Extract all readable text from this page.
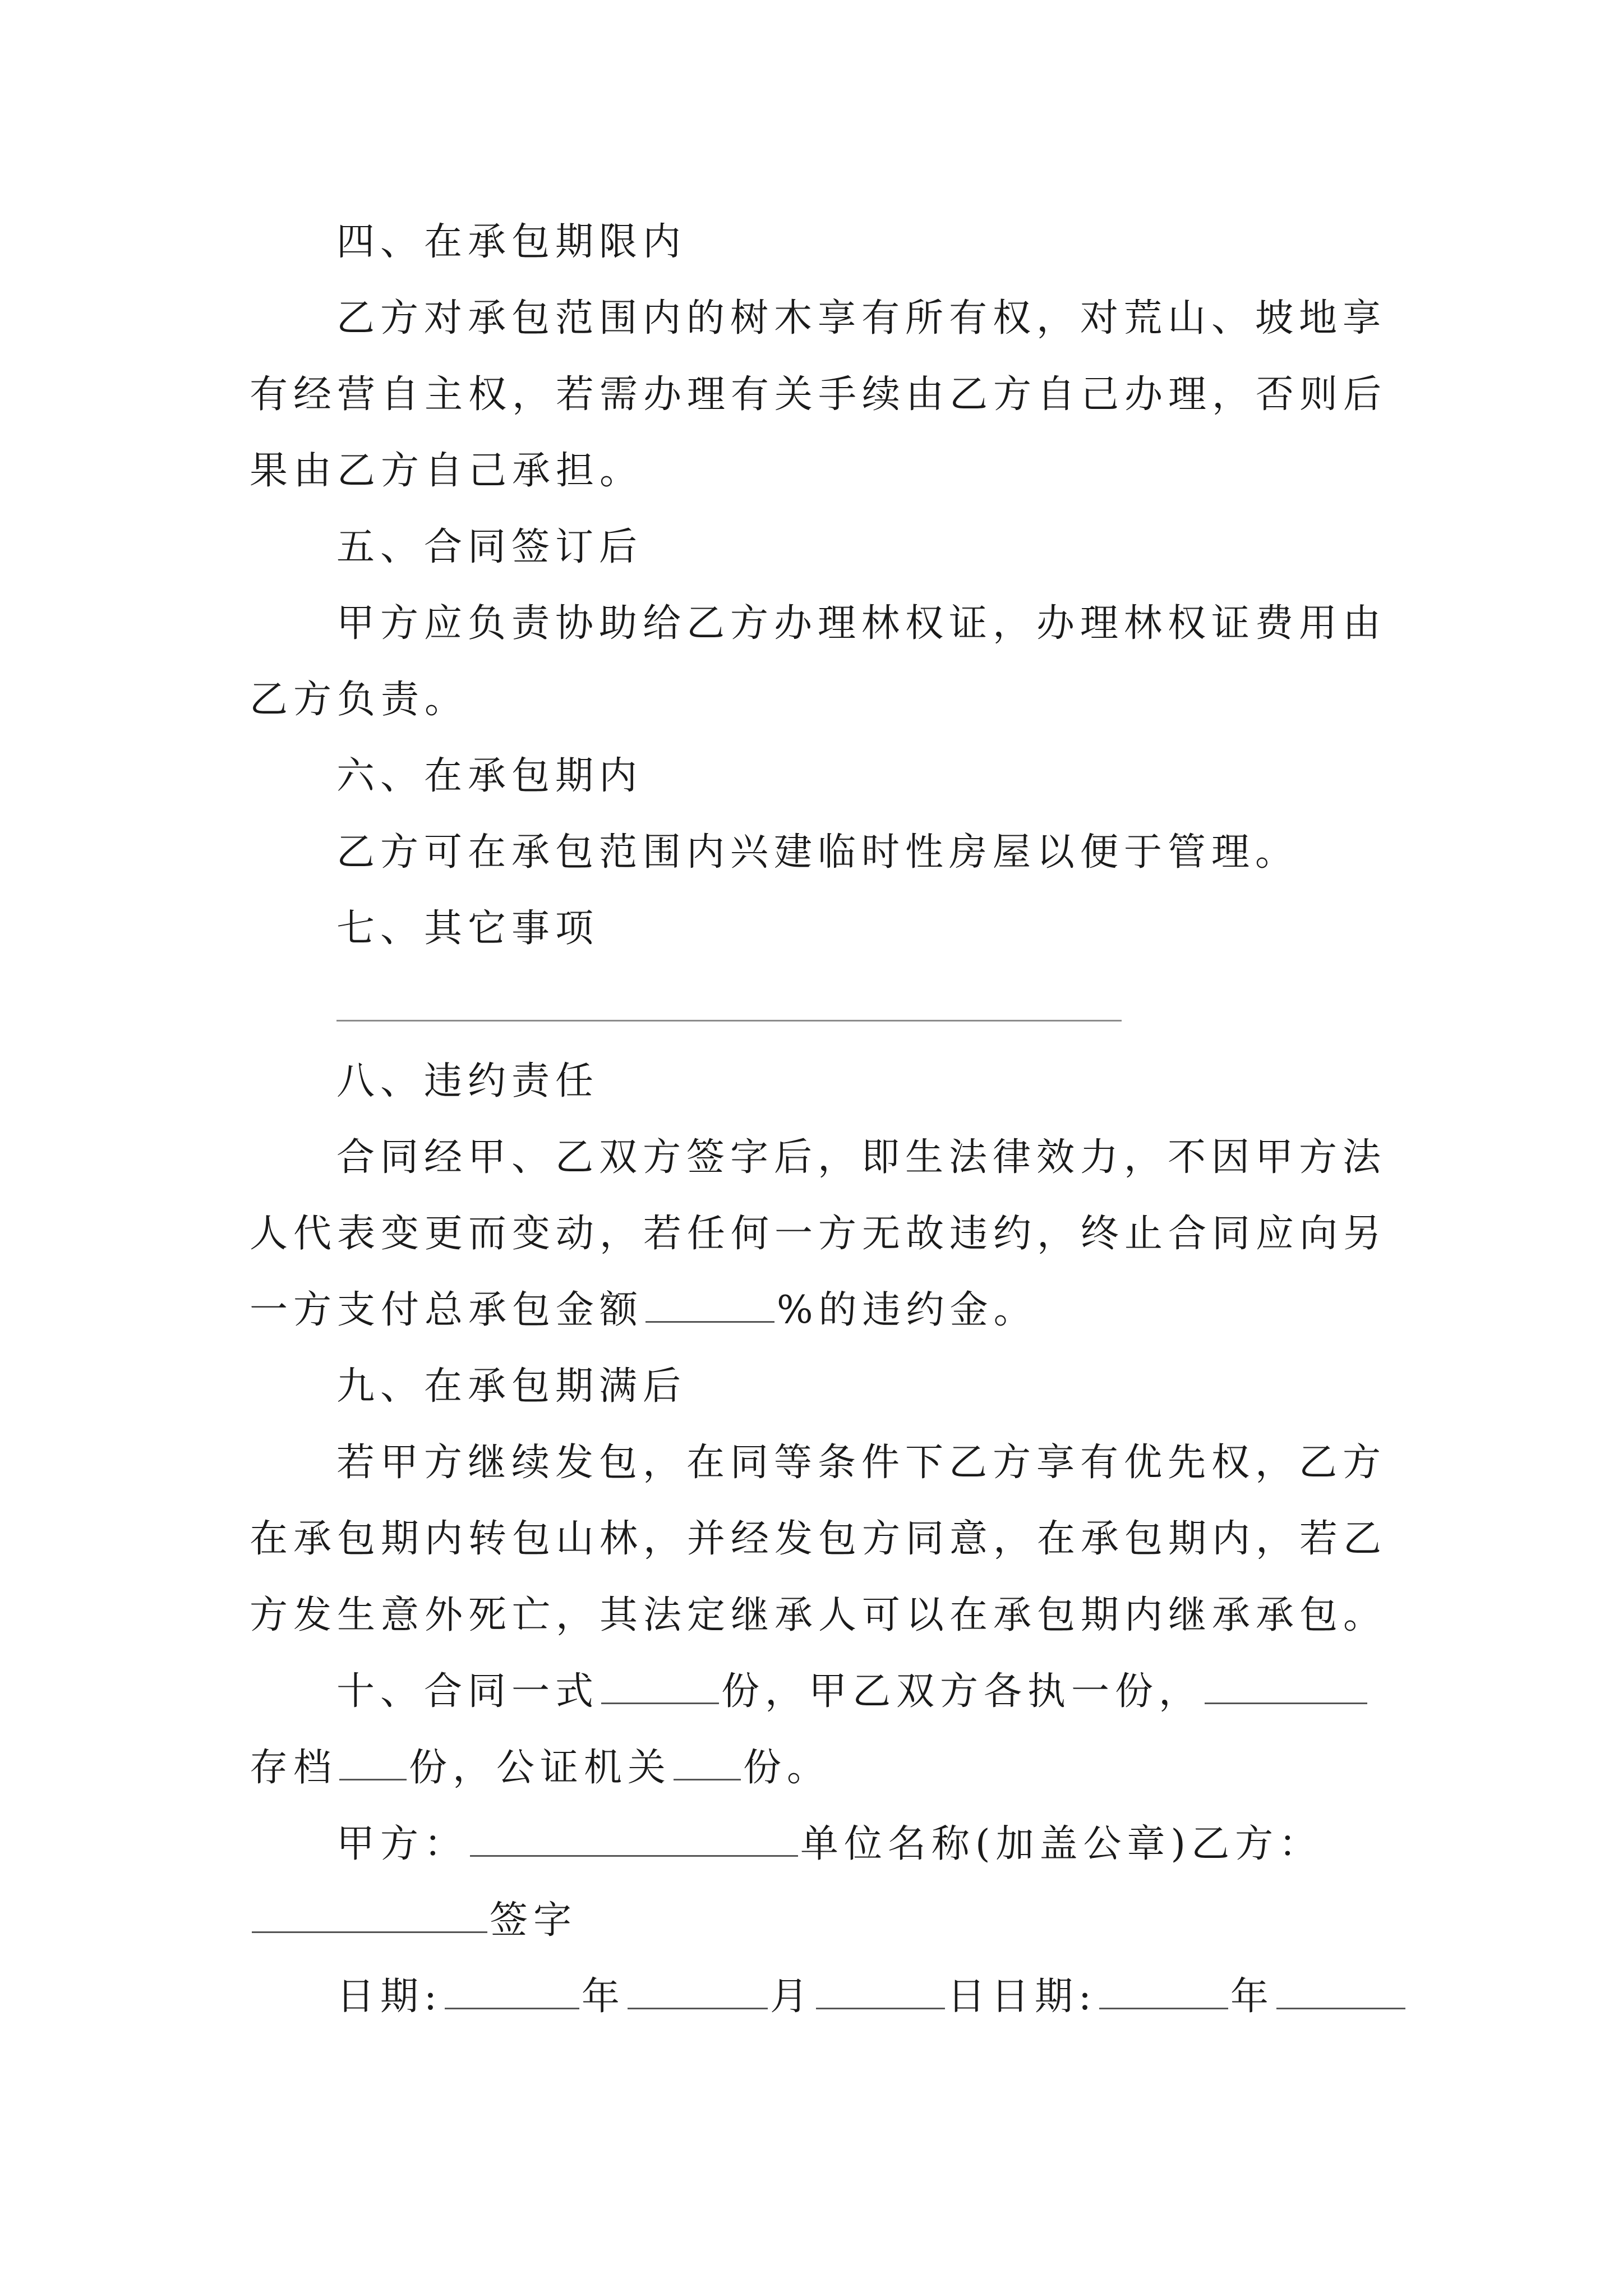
四、在承包期限内
乙方对承包范围内的树木享有所有权，对荒山、坡地享
有经营自主权，若需办理有关手续由乙方自己办理，否则后
果由乙方自己承担。
五、合同签订后
甲方应负责协助给乙方办理林权证，办理林权证费用由
乙方负责。
六、在承包期内
乙方可在承包范围内兴建临时性房屋以便于管理。
七、其它事项
八、违约责任
合同经甲、乙双方签字后，即生法律效力，不因甲方法
人代表变更而变动，若任何一方无故违约，终止合同应向另
一方支付总承包金额	%的违约金。
九、在承包期满后
若甲方继续发包，在同等条件下乙方享有优先权，乙方
在承包期内转包山林，并经发包方同意，在承包期内，若乙
方发生意外死亡，其法定继承人可以在承包期内继承承包。
十、合同一式	份，甲乙双方各执一份，
存档 份，公证机关 份。
甲方：	单位名称(加盖公章)乙方：
签字
日期:	年	月	日日期:	年
